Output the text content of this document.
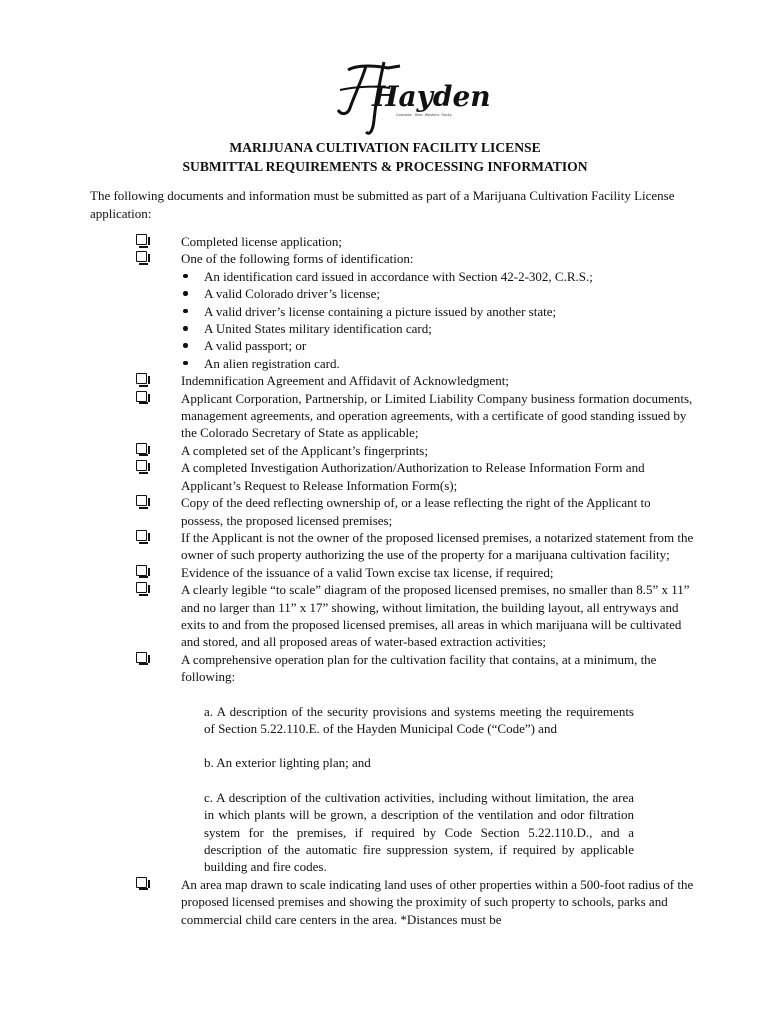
Hayden
Colorado · Real. Western. Rocky.
MARIJUANA CULTIVATION FACILITY LICENSE
SUBMITTAL REQUIREMENTS & PROCESSING INFORMATION
The following documents and information must be submitted as part of a Marijuana Cultivation Facility License application:
Completed license application;
One of the following forms of identification:
An identification card issued in accordance with Section 42-2-302, C.R.S.;
A valid Colorado driver’s license;
A valid driver’s license containing a picture issued by another state;
A United States military identification card;
A valid passport; or
An alien registration card.
Indemnification Agreement and Affidavit of Acknowledgment;
Applicant Corporation, Partnership, or Limited Liability Company business formation documents, management agreements, and operation agreements, with a certificate of good standing issued by the Colorado Secretary of State as applicable;
A completed set of the Applicant’s fingerprints;
A completed Investigation Authorization/Authorization to Release Information Form and Applicant’s Request to Release Information Form(s);
Copy of the deed reflecting ownership of, or a lease reflecting the right of the Applicant to possess, the proposed licensed premises;
If the Applicant is not the owner of the proposed licensed premises, a notarized statement from the owner of such property authorizing the use of the property for a marijuana cultivation facility;
Evidence of the issuance of a valid Town excise tax license, if required;
A clearly legible “to scale” diagram of the proposed licensed premises, no smaller than 8.5” x 11” and no larger than 11” x 17” showing, without limitation, the building layout, all entryways and exits to and from the proposed licensed premises, all areas in which marijuana will be cultivated and stored, and all proposed areas of water-based extraction activities;
A comprehensive operation plan for the cultivation facility that contains, at a minimum, the following:
a. A description of the security provisions and systems meeting the requirements of Section 5.22.110.E. of the Hayden Municipal Code (“Code”) and
b. An exterior lighting plan; and
c. A description of the cultivation activities, including without limitation, the area in which plants will be grown, a description of the ventilation and odor filtration system for the premises, if required by Code Section 5.22.110.D., and a description of the automatic fire suppression system, if required by applicable building and fire codes.
An area map drawn to scale indicating land uses of other properties within a 500-foot radius of the proposed licensed premises and showing the proximity of such property to schools, parks and commercial child care centers in the area. *Distances must be
